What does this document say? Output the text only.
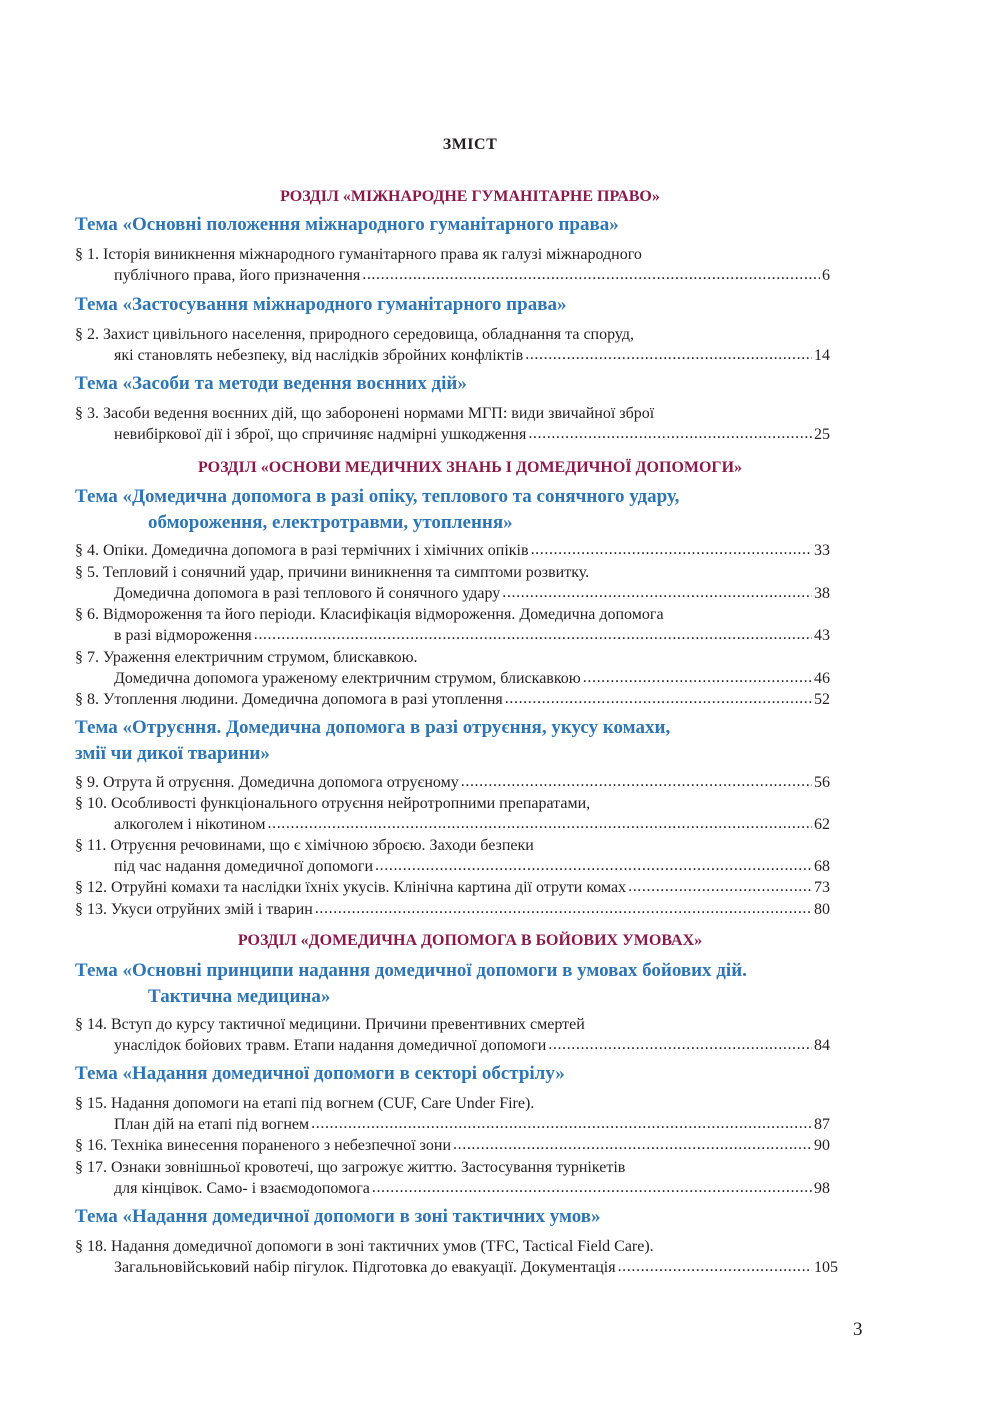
ЗМІСТ
РОЗДІЛ «МІЖНАРОДНЕ ГУМАНІТАРНЕ ПРАВО»
Тема «Основні положення міжнародного гуманітарного права»
§ 1. Історія виникнення міжнародного гуманітарного права як галузі міжнародного
публічного права, його призначення .....	6
Тема «Застосування міжнародного гуманітарного права»
§ 2. Захист цивільного населення, природного середовища, обладнання та споруд,
які становлять небезпеку, від наслідків збройних конфліктів .....	14
Тема «Засоби та методи ведення воєнних дій»
§ 3. Засоби ведення воєнних дій, що заборонені нормами МГП: види звичайної зброї
невибіркової дії і зброї, що спричиняє надмірні ушкодження .....	25
РОЗДІЛ «ОСНОВИ МЕДИЧНИХ ЗНАНЬ І ДОМЕДИЧНОЇ ДОПОМОГИ»
Тема «Домедична допомога в разі опіку, теплового та сонячного удару,
обмороження, електротравми, утоплення»
§ 4. Опіки. Домедична допомога в разі термічних і хімічних опіків .....	33
§ 5. Тепловий і сонячний удар, причини виникнення та симптоми розвитку.
Домедична допомога в разі теплового й сонячного удару .....	38
§ 6. Відмороження та його періоди. Класифікація відмороження. Домедична допомога
в разі відмороження .....	43
§ 7. Ураження електричним струмом, блискавкою.
Домедична допомога ураженому електричним струмом, блискавкою .....	46
§ 8. Утоплення людини. Домедична допомога в разі утоплення .....	52
Тема «Отруєння. Домедична допомога в разі отруєння, укусу комахи,
змії чи дикої тварини»
§ 9. Отрута й отруєння. Домедична допомога отруєному .....	56
§ 10. Особливості функціонального отруєння нейротропними препаратами,
алкоголем і нікотином .....	62
§ 11. Отруєння речовинами, що є хімічною зброєю. Заходи безпеки
під час надання домедичної допомоги .....	68
§ 12. Отруйні комахи та наслідки їхніх укусів. Клінічна картина дії отрути комах .....	73
§ 13. Укуси отруйних змій і тварин .....	80
РОЗДІЛ «ДОМЕДИЧНА ДОПОМОГА В БОЙОВИХ УМОВАХ»
Тема «Основні принципи надання домедичної допомоги в умовах бойових дій.
Тактична медицина»
§ 14. Вступ до курсу тактичної медицини. Причини превентивних смертей
унаслідок бойових травм. Етапи надання домедичної допомоги .....	84
Тема «Надання домедичної допомоги в секторі обстрілу»
§ 15. Надання допомоги на етапі під вогнем (CUF, Care Under Fire).
План дій на етапі під вогнем .....	87
§ 16. Техніка винесення пораненого з небезпечної зони .....	90
§ 17. Ознаки зовнішньої кровотечі, що загрожує життю. Застосування турнікетів
для кінцівок. Само- і взаємодопомога .....	98
Тема «Надання домедичної допомоги в зоні тактичних умов»
§ 18. Надання домедичної допомоги в зоні тактичних умов (TFC, Tactical Field Care).
Загальновійськовий набір пігулок. Підготовка до евакуації. Документація .....	105
3
